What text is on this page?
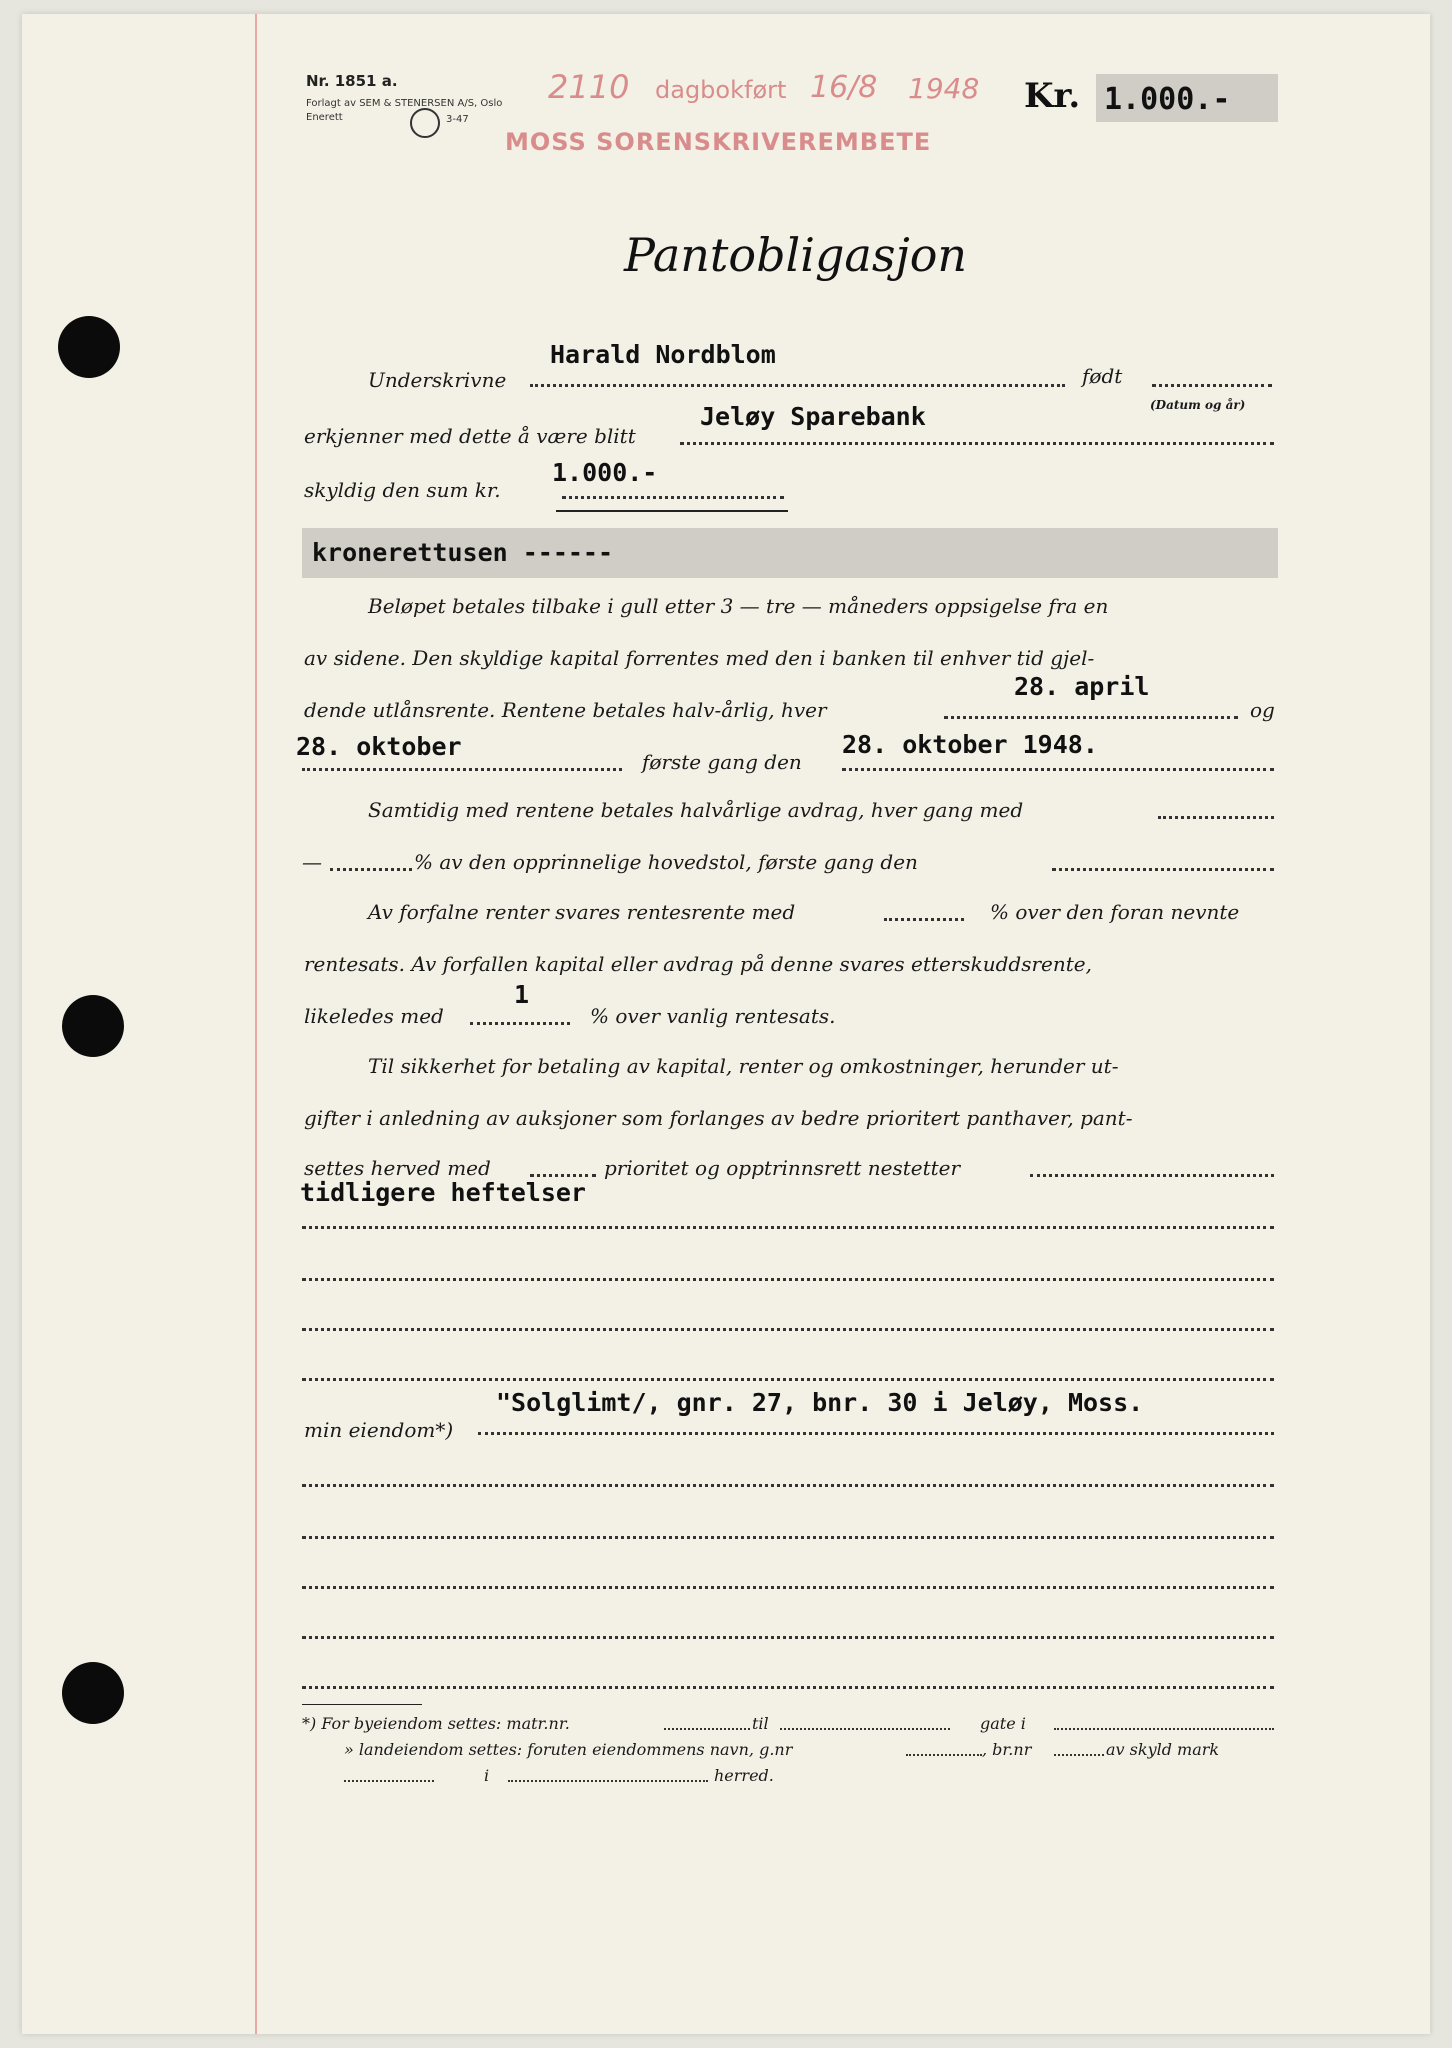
Nr. 1851 a.
Forlagt av SEM & STENERSEN A/S, Oslo
Enerett	3-47
2110 dagbokført 16/8 1948
MOSS SORENSKRIVEREMBETE
Kr. 1.000.-
Pantobligasjon
Harald Nordblom
Underskrivne	født
(Datum og år)
Jeløy Sparebank
erkjenner med dette å være blitt
1.000.-
skyldig den sum kr.
kronerettusen ------
Beløpet betales tilbake i gull etter 3 — tre — måneders oppsigelse fra en
av sidene. Den skyldige kapital forrentes med den i banken til enhver tid gjel-
28. april
dende utlånsrente. Rentene betales halv-årlig, hver	og
28. oktober
første gang den
28. oktober 1948.
Samtidig med rentene betales halvårlige avdrag, hver gang med
—	% av den opprinnelige hovedstol, første gang den
Av forfalne renter svares rentesrente med	% over den foran nevnte
rentesats. Av forfallen kapital eller avdrag på denne svares etterskuddsrente,
1
likeledes med	% over vanlig rentesats.
Til sikkerhet for betaling av kapital, renter og omkostninger, herunder ut-
gifter i anledning av auksjoner som forlanges av bedre prioritert panthaver, pant-
settes herved med	prioritet og opptrinnsrett nestetter
tidligere heftelser
"Solglimt/, gnr. 27, bnr. 30 i Jeløy, Moss.
min eiendom*)
*) For byeiendom settes: matr.nr.	til	gate i
» landeiendom settes: foruten eiendommens navn, g.nr	, br.nr	av skyld mark
i	herred.
